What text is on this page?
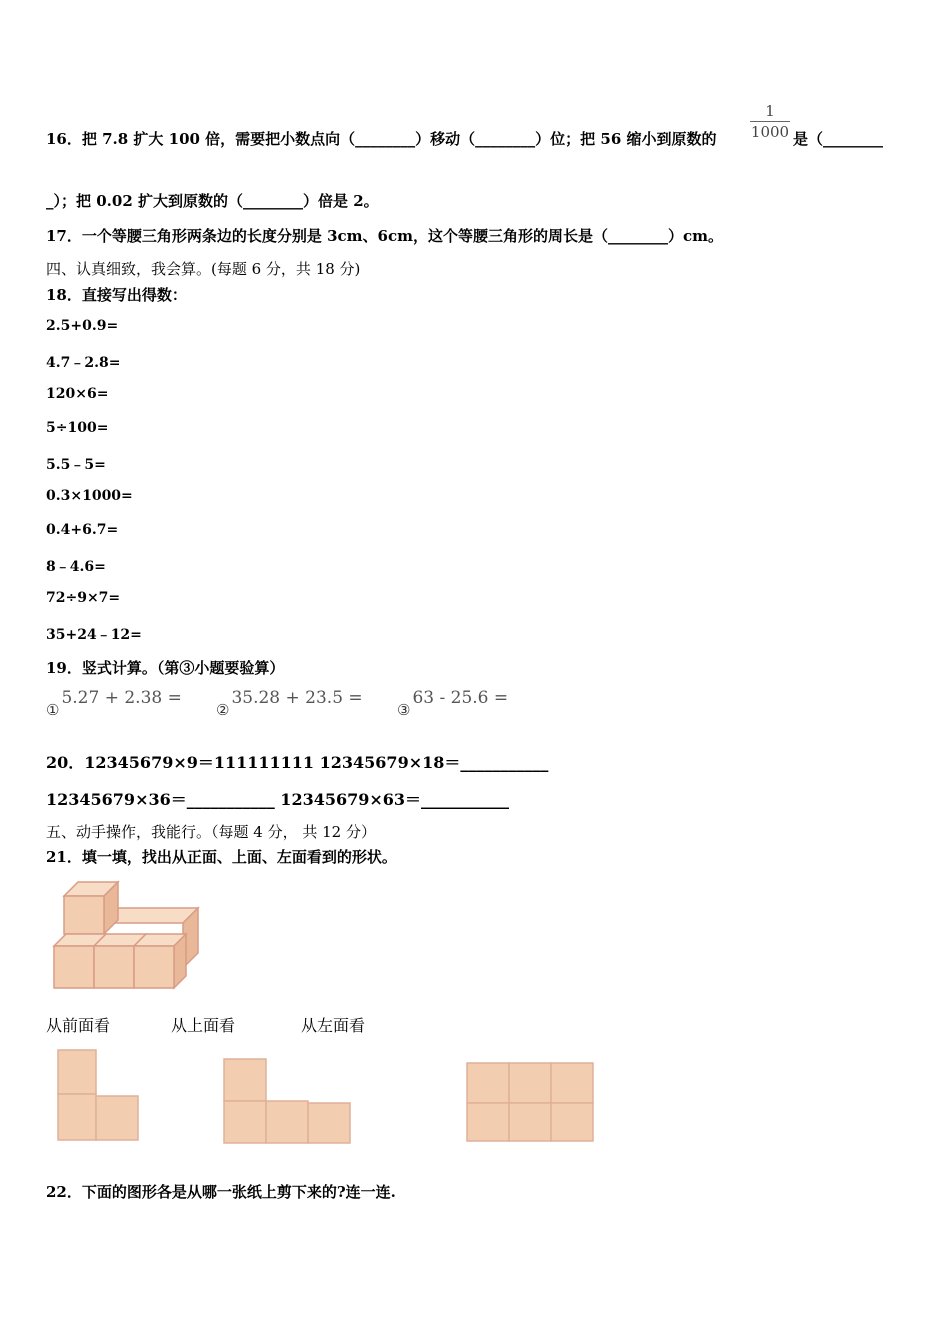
16．把 7.8 扩大 100 倍，需要把小数点向（________）移动（________）位；把 56 缩小到原数的
1
1000 是（________
_）；把 0.02 扩大到原数的（________）倍是 2。
17．一个等腰三角形两条边的长度分别是 3cm、6cm，这个等腰三角形的周长是（________）cm。
四、认真细致，我会算。(每题 6 分，共 18 分)
18．直接写出得数：
2.5+0.9=
4.7﹣2.8=
120×6=
5÷100=
5.5﹣5=
0.3×1000=
0.4+6.7=
8﹣4.6=
72÷9×7=
35+24﹣12=
19．竖式计算。（第③小题要验算）
①5.27 + 2.38 =
②35.28 + 23.5 =
③63 - 25.6 =
20．12345679×9＝111111111 12345679×18＝___________
12345679×36＝___________ 12345679×63＝___________
五、动手操作，我能行。（每题 4 分， 共 12 分）
21．填一填，找出从正面、上面、左面看到的形状。
从前面看	从上面看	从左面看
22．下面的图形各是从哪一张纸上剪下来的?连一连.
